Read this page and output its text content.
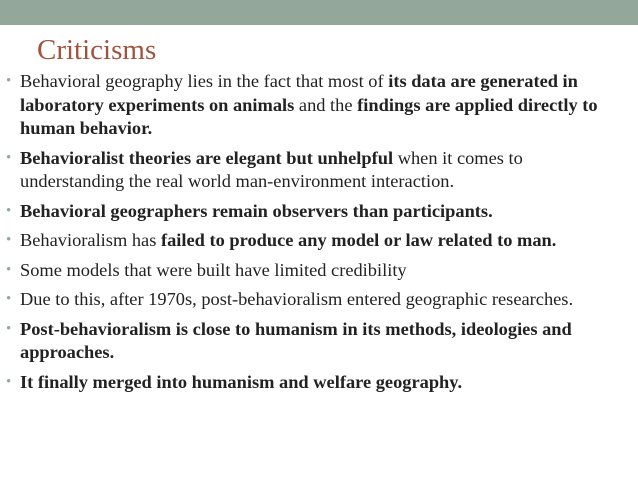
Criticisms
• Behavioral geography lies in the fact that most of its data are generated in laboratory experiments on animals and the findings are applied directly to human behavior.
• Behavioralist theories are elegant but unhelpful when it comes to understanding the real world man-environment interaction.
• Behavioral geographers remain observers than participants.
• Behavioralism has failed to produce any model or law related to man.
• Some models that were built have limited credibility
• Due to this, after 1970s, post-behavioralism entered geographic researches.
• Post-behavioralism is close to humanism in its methods, ideologies and approaches.
• It finally merged into humanism and welfare geography.
